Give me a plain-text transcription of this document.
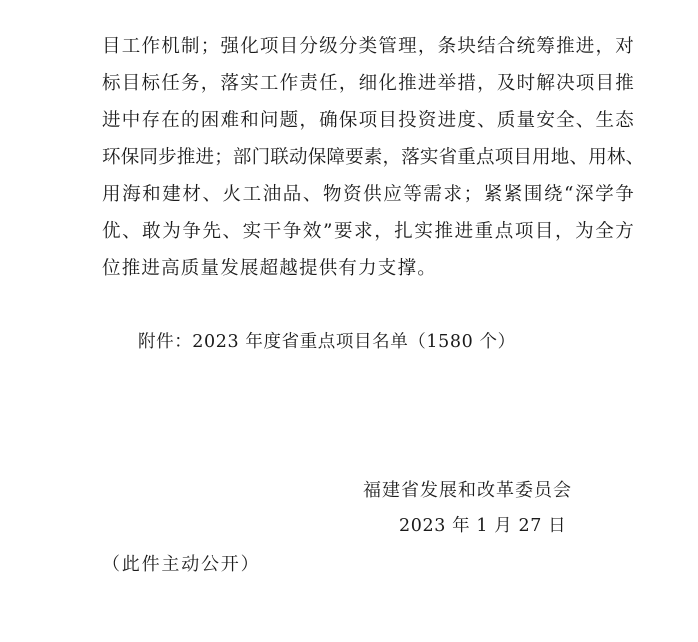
目工作机制；强化项目分级分类管理，条块结合统筹推进，对
标目标任务，落实工作责任，细化推进举措，及时解决项目推
进中存在的困难和问题，确保项目投资进度、质量安全、生态
环保同步推进；部门联动保障要素，落实省重点项目用地、用林、
用海和建材、火工油品、物资供应等需求；紧紧围绕“深学争
优、敢为争先、实干争效”要求，扎实推进重点项目，为全方
位推进高质量发展超越提供有力支撑。
附件：2023 年度省重点项目名单（1580 个）
福建省发展和改革委员会
2023 年 1 月 27 日
（此件主动公开）
